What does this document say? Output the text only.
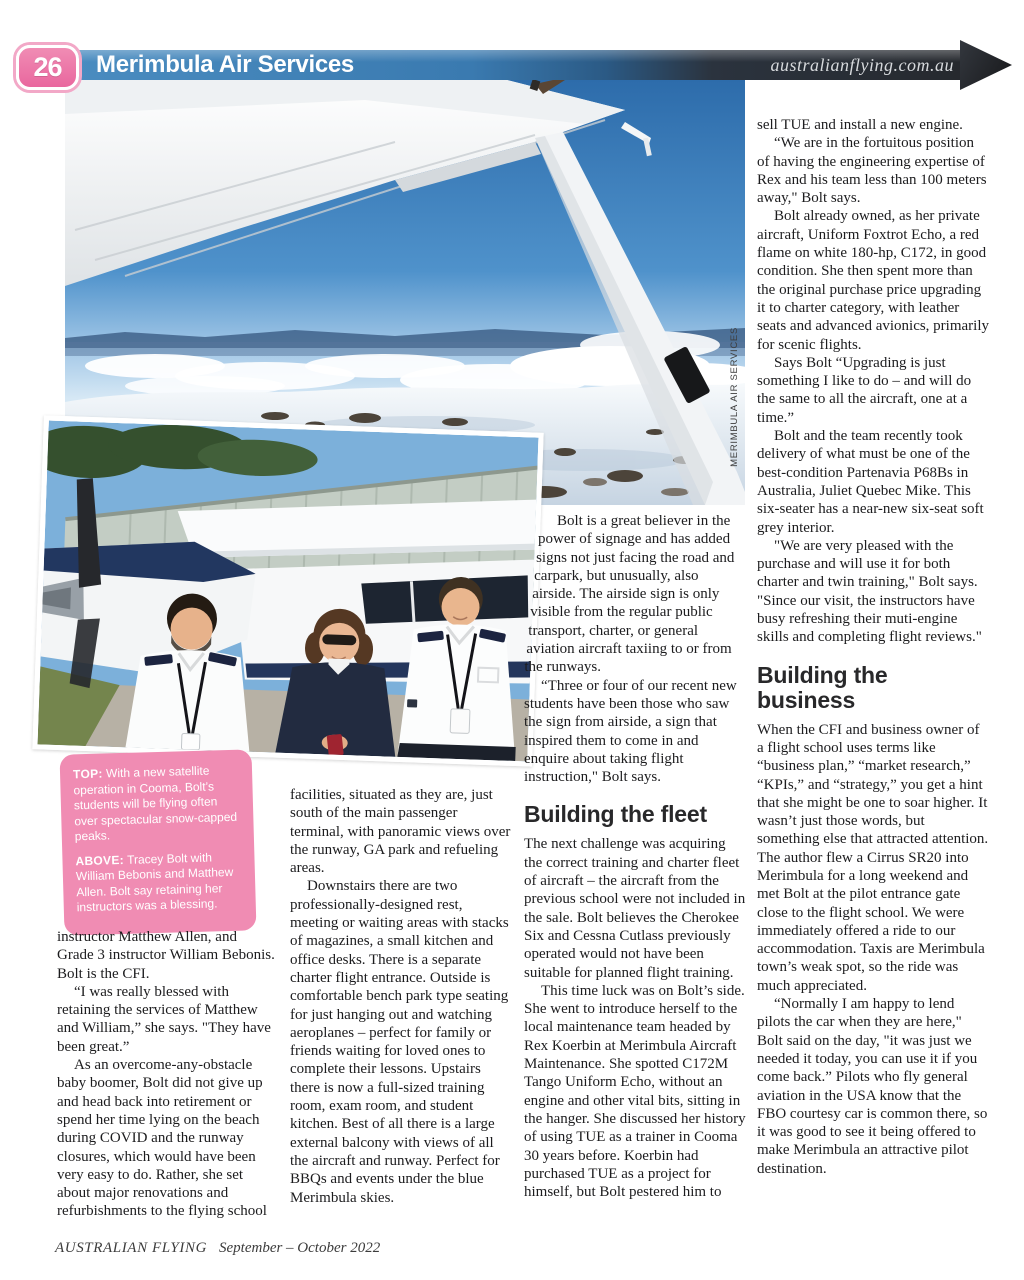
26	Merimbula Air Services	australianflying.com.au
MERIMBULA AIR SERVICES

TOP: With a new satellite operation in Cooma, Bolt’s students will be flying often over spectacular snow-capped peaks.

ABOVE: Tracey Bolt with William Bebonis and Matthew Allen. Bolt say retaining her instructors was a blessing.

instructor Matthew Allen, and Grade 3 instructor William Bebonis. Bolt is the CFI.

“I was really blessed with retaining the services of Matthew and William,” she says. "They have been great.”

As an overcome-any-obstacle baby boomer, Bolt did not give up and head back into retirement or spend her time lying on the beach during COVID and the runway closures, which would have been very easy to do. Rather, she set about major renovations and refurbishments to the flying school

facilities, situated as they are, just south of the main passenger terminal, with panoramic views over the runway, GA park and refueling areas.

Downstairs there are two professionally-designed rest, meeting or waiting areas with stacks of magazines, a small kitchen and office desks. There is a separate charter flight entrance. Outside is comfortable bench park type seating for just hanging out and watching aeroplanes – perfect for family or friends waiting for loved ones to complete their lessons. Upstairs there is now a full-sized training room, exam room, and student kitchen. Best of all there is a large external balcony with views of all the aircraft and runway. Perfect for BBQs and events under the blue Merimbula skies.

Bolt is a great believer in the power of signage and has added signs not just facing the road and carpark, but unusually, also airside. The airside sign is only visible from the regular public transport, charter, or general aviation aircraft taxiing to or from the runways.

“Three or four of our recent new students have been those who saw the sign from airside, a sign that inspired them to come in and enquire about taking flight instruction," Bolt says.

Building the fleet

The next challenge was acquiring the correct training and charter fleet of aircraft – the aircraft from the previous school were not included in the sale. Bolt believes the Cherokee Six and Cessna Cutlass previously operated would not have been suitable for planned flight training.

This time luck was on Bolt’s side. She went to introduce herself to the local maintenance team headed by Rex Koerbin at Merimbula Aircraft Maintenance. She spotted C172M Tango Uniform Echo, without an engine and other vital bits, sitting in the hanger. She discussed her history of using TUE as a trainer in Cooma 30 years before. Koerbin had purchased TUE as a project for himself, but Bolt pestered him to

sell TUE and install a new engine.

“We are in the fortuitous position of having the engineering expertise of Rex and his team less than 100 meters away," Bolt says.

Bolt already owned, as her private aircraft, Uniform Foxtrot Echo, a red flame on white 180-hp, C172, in good condition. She then spent more than the original purchase price upgrading it to charter category, with leather seats and advanced avionics, primarily for scenic flights.

Says Bolt “Upgrading is just something I like to do – and will do the same to all the aircraft, one at a time.”

Bolt and the team recently took delivery of what must be one of the best-condition Partenavia P68Bs in Australia, Juliet Quebec Mike. This six-seater has a near-new six-seat soft grey interior.

"We are very pleased with the purchase and will use it for both charter and twin training," Bolt says. "Since our visit, the instructors have busy refreshing their muti-engine skills and completing flight reviews."

Building the business

When the CFI and business owner of a flight school uses terms like “business plan,” “market research,” “KPIs,” and “strategy,” you get a hint that she might be one to soar higher. It wasn’t just those words, but something else that attracted attention. The author flew a Cirrus SR20 into Merimbula for a long weekend and met Bolt at the pilot entrance gate close to the flight school. We were immediately offered a ride to our accommodation. Taxis are Merimbula town’s weak spot, so the ride was much appreciated.

“Normally I am happy to lend pilots the car when they are here," Bolt said on the day, "it was just we needed it today, you can use it if you come back.” Pilots who fly general aviation in the USA know that the FBO courtesy car is common there, so it was good to see it being offered to make Merimbula an attractive pilot destination.

AUSTRALIAN FLYING September – October 2022
